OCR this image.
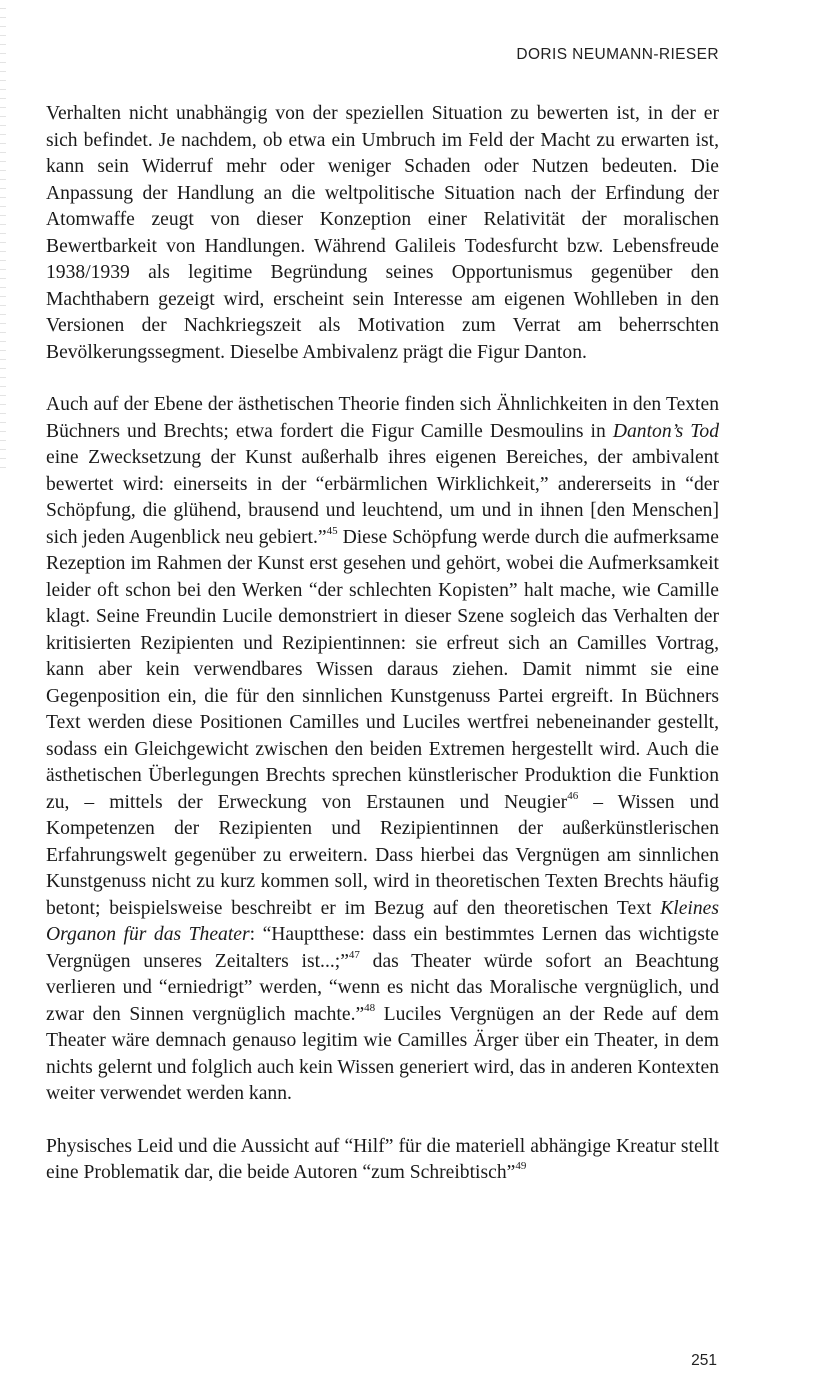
DORIS NEUMANN-RIESER

Verhalten nicht unabhängig von der speziellen Situation zu bewerten ist, in der er sich befindet. Je nachdem, ob etwa ein Umbruch im Feld der Macht zu erwarten ist, kann sein Widerruf mehr oder weniger Schaden oder Nutzen bedeuten. Die Anpassung der Handlung an die weltpolitische Situation nach der Erfindung der Atomwaffe zeugt von dieser Konzeption einer Relativität der moralischen Bewertbarkeit von Handlungen. Während Galileis Todesfurcht bzw. Lebensfreude 1938/1939 als legitime Begründung seines Opportunismus gegenüber den Machthabern gezeigt wird, erscheint sein Interesse am eigenen Wohlleben in den Versionen der Nachkriegszeit als Motivation zum Verrat am beherrschten Bevölkerungssegment. Dieselbe Ambivalenz prägt die Figur Danton.

Auch auf der Ebene der ästhetischen Theorie finden sich Ähnlichkeiten in den Texten Büchners und Brechts; etwa fordert die Figur Camille Desmoulins in Danton’s Tod eine Zwecksetzung der Kunst außerhalb ihres eigenen Bereiches, der ambivalent bewertet wird: einerseits in der “erbärmlichen Wirklichkeit,” andererseits in “der Schöpfung, die glühend, brausend und leuchtend, um und in ihnen [den Menschen] sich jeden Augenblick neu gebiert.”$^{45}$ Diese Schöpfung werde durch die aufmerksame Rezeption im Rahmen der Kunst erst gesehen und gehört, wobei die Aufmerksamkeit leider oft schon bei den Werken “der schlechten Kopisten” halt mache, wie Camille klagt. Seine Freundin Lucile demonstriert in dieser Szene sogleich das Verhalten der kritisierten Rezipienten und Rezipientinnen: sie erfreut sich an Camilles Vortrag, kann aber kein verwendbares Wissen daraus ziehen. Damit nimmt sie eine Gegenposition ein, die für den sinnlichen Kunstgenuss Partei ergreift. In Büchners Text werden diese Positionen Camilles und Luciles wertfrei nebeneinander gestellt, sodass ein Gleichgewicht zwischen den beiden Extremen hergestellt wird. Auch die ästhetischen Überlegungen Brechts sprechen künstlerischer Produktion die Funktion zu, – mittels der Erweckung von Erstaunen und Neugier$^{46}$ – Wissen und Kompetenzen der Rezipienten und Rezipientinnen der außerkünstlerischen Erfahrungswelt gegenüber zu erweitern. Dass hierbei das Vergnügen am sinnlichen Kunstgenuss nicht zu kurz kommen soll, wird in theoretischen Texten Brechts häufig betont; beispielsweise beschreibt er im Bezug auf den theoretischen Text Kleines Organon für das Theater: “Hauptthese: dass ein bestimmtes Lernen das wichtigste Vergnügen unseres Zeitalters ist...;”$^{47}$ das Theater würde sofort an Beachtung verlieren und “erniedrigt” werden, “wenn es nicht das Moralische vergnüglich, und zwar den Sinnen vergnüglich machte.”$^{48}$ Luciles Vergnügen an der Rede auf dem Theater wäre demnach genauso legitim wie Camilles Ärger über ein Theater, in dem nichts gelernt und folglich auch kein Wissen generiert wird, das in anderen Kontexten weiter verwendet werden kann.

Physisches Leid und die Aussicht auf “Hilf” für die materiell abhängige Kreatur stellt eine Problematik dar, die beide Autoren “zum Schreibtisch”$^{49}$

251
